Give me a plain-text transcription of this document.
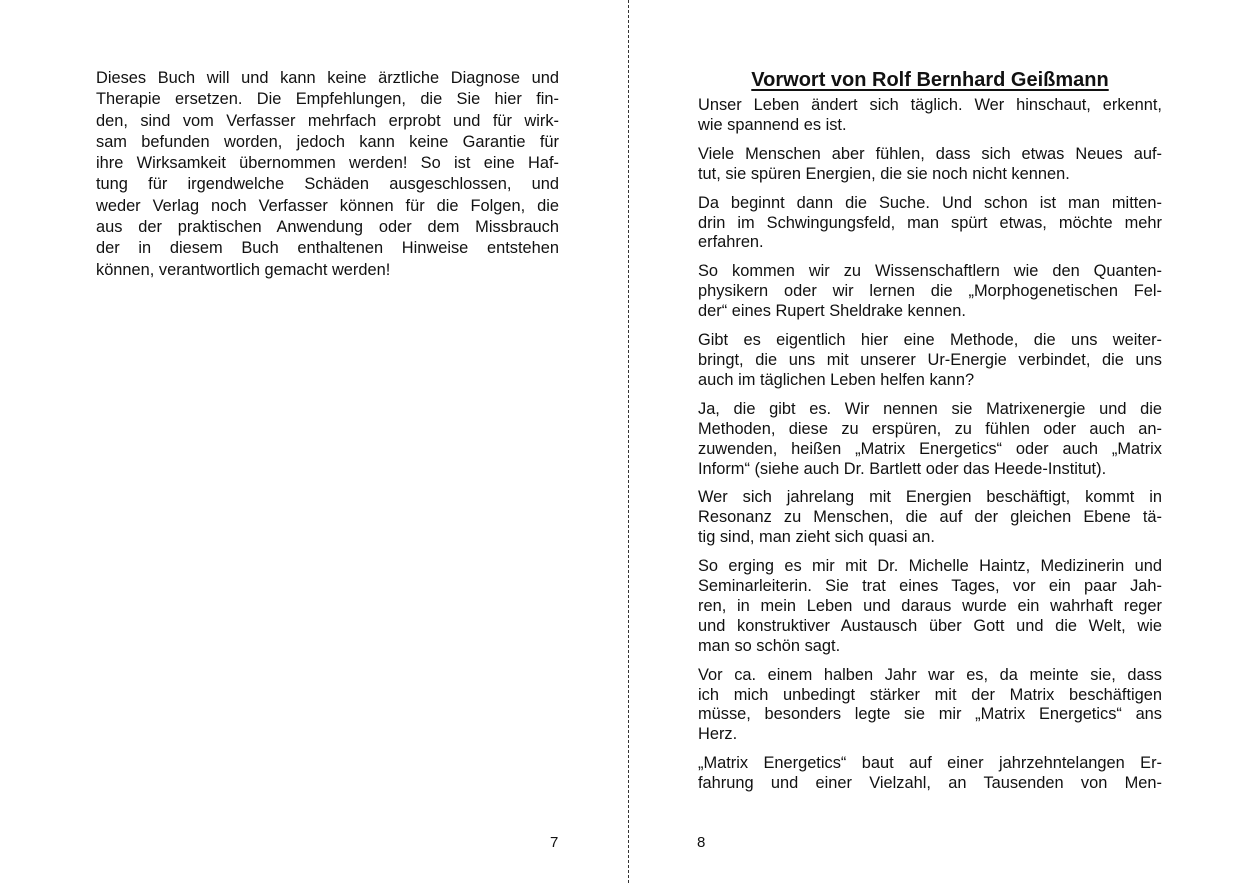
Dieses Buch will und kann keine ärztliche Diagnose und
Therapie ersetzen. Die Empfehlungen, die Sie hier fin-
den, sind vom Verfasser mehrfach erprobt und für wirk-
sam befunden worden, jedoch kann keine Garantie für
ihre Wirksamkeit übernommen werden! So ist eine Haf-
tung für irgendwelche Schäden ausgeschlossen, und
weder Verlag noch Verfasser können für die Folgen, die
aus der praktischen Anwendung oder dem Missbrauch
der in diesem Buch enthaltenen Hinweise entstehen
können, verantwortlich gemacht werden!
7
Vorwort von Rolf Bernhard Geißmann
Unser Leben ändert sich täglich. Wer hinschaut, erkennt,
wie spannend es ist.
Viele Menschen aber fühlen, dass sich etwas Neues auf-
tut, sie spüren Energien, die sie noch nicht kennen.
Da beginnt dann die Suche. Und schon ist man mitten-
drin im Schwingungsfeld, man spürt etwas, möchte mehr
erfahren.
So kommen wir zu Wissenschaftlern wie den Quanten-
physikern oder wir lernen die „Morphogenetischen Fel-
der“ eines Rupert Sheldrake kennen.
Gibt es eigentlich hier eine Methode, die uns weiter-
bringt, die uns mit unserer Ur-Energie verbindet, die uns
auch im täglichen Leben helfen kann?
Ja, die gibt es. Wir nennen sie Matrixenergie und die
Methoden, diese zu erspüren, zu fühlen oder auch an-
zuwenden, heißen „Matrix Energetics“ oder auch „Matrix
Inform“ (siehe auch Dr. Bartlett oder das Heede-Institut).
Wer sich jahrelang mit Energien beschäftigt, kommt in
Resonanz zu Menschen, die auf der gleichen Ebene tä-
tig sind, man zieht sich quasi an.
So erging es mir mit Dr. Michelle Haintz, Medizinerin und
Seminarleiterin. Sie trat eines Tages, vor ein paar Jah-
ren, in mein Leben und daraus wurde ein wahrhaft reger
und konstruktiver Austausch über Gott und die Welt, wie
man so schön sagt.
Vor ca. einem halben Jahr war es, da meinte sie, dass
ich mich unbedingt stärker mit der Matrix beschäftigen
müsse, besonders legte sie mir „Matrix Energetics“ ans
Herz.
„Matrix Energetics“ baut auf einer jahrzehntelangen Er-
fahrung und einer Vielzahl, an Tausenden von Men-
8
